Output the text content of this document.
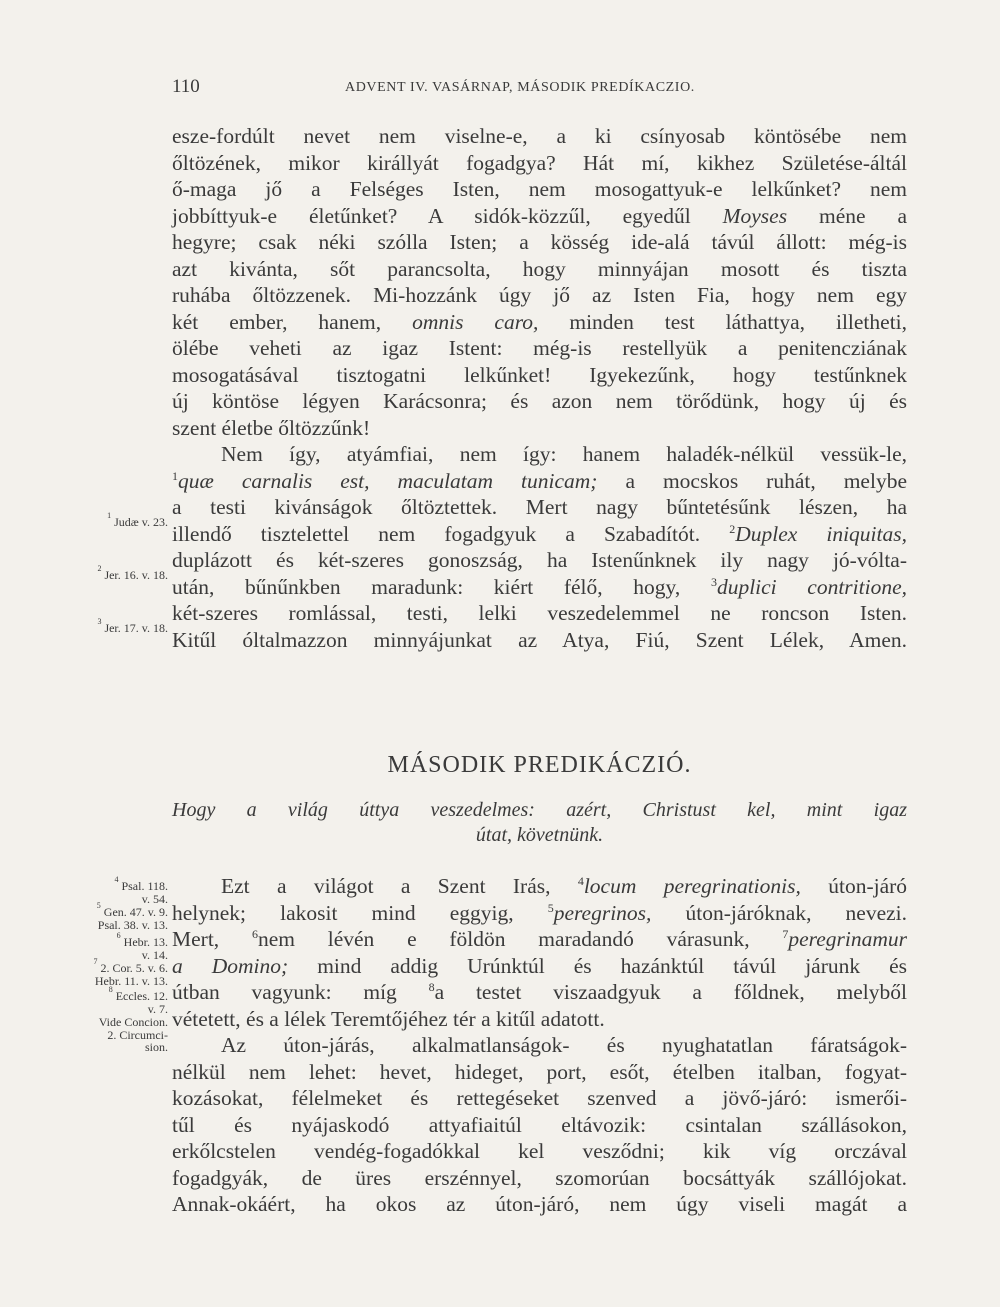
110	ADVENT IV. VASÁRNAP, MÁSODIK PREDÍKACZIO.
$^1$ Judæ v. 23.
$^2$ Jer. 16. v. 18.
$^3$ Jer. 17. v. 18.
$^4$ Psal. 118.
v. 54.
$^5$ Gen. 47. v. 9.
Psal. 38. v. 13.
$^6$ Hebr. 13.
v. 14.
$^7$ 2. Cor. 5. v. 6.
Hebr. 11. v. 13.
$^8$ Eccles. 12.
v. 7.
Vide Concion.
2. Circumci-
sion.
esze-fordúlt nevet nem viselne-e, a ki csínyosab köntösébe nem
őltözének, mikor királlyát fogadgya? Hát mí, kikhez Születése-áltál
ő-maga jő a Felséges Isten, nem mosogattyuk-e lelkűnket? nem
jobbíttyuk-e életűnket? A sidók-közzűl, egyedűl Moyses méne a
hegyre; csak néki szólla Isten; a kösség ide-alá távúl állott: még-is
azt kivánta, sőt parancsolta, hogy minnyájan mosott és tiszta
ruhába őltözzenek. Mi-hozzánk úgy jő az Isten Fia, hogy nem egy
két ember, hanem, omnis caro, minden test láthattya, illetheti,
ölébe veheti az igaz Istent: még-is restellyük a penitencziának
mosogatásával tisztogatni lelkűnket! Igyekezűnk, hogy testűnknek
új köntöse légyen Karácsonra; és azon nem törődünk, hogy új és
szent életbe őltözzűnk!
Nem így, atyámfiai, nem így: hanem haladék-nélkül vessük-le,
$^1$quæ carnalis est, maculatam tunicam; a mocskos ruhát, melybe
a testi kivánságok őltöztettek. Mert nagy bűntetésűnk lészen, ha
illendő tisztelettel nem fogadgyuk a Szabadítót. $^2$Duplex iniquitas,
duplázott és két-szeres gonoszság, ha Istenűnknek ily nagy jó-vólta-
után, bűnűnkben maradunk: kiért félő, hogy,	$^3$duplici contritione,
két-szeres romlással, testi, lelki veszedelemmel ne roncson Isten.
Kitűl óltalmazzon minnyájunkat az Atya, Fiú, Szent Lélek, Amen.
MÁSODIK PREDIKÁCZIÓ.
Hogy a világ úttya veszedelmes: azért, Christust kel, mint igaz
útat, követnünk.
Ezt a világot a Szent Irás, $^4$locum peregrinationis, úton-járó
helynek; lakosit mind eggyig,	$^5$peregrinos, úton-járóknak, nevezi.
Mert,	$^6$nem lévén e földön maradandó várasunk,	$^7$peregrinamur
a Domino; mind addig Urúnktúl és hazánktúl távúl járunk és
útban vagyunk: míg	$^8$a testet viszaadgyuk a főldnek, melyből
vétetett, és a lélek Teremtőjéhez tér a kitűl adatott.
Az úton-járás, alkalmatlanságok- és nyughatatlan fáratságok-
nélkül nem lehet: hevet, hideget, port, esőt, ételben italban, fogyat-
kozásokat, félelmeket és rettegéseket szenved a jövő-járó: ismerői-
tűl és nyájaskodó attyafiaitúl eltávozik: csintalan szállásokon,
erkőlcstelen vendég-fogadókkal kel vesződni; kik víg orczával
fogadgyák, de üres erszénnyel, szomorúan bocsáttyák szállójokat.
Annak-okáért, ha okos az úton-járó, nem úgy viseli magát a
